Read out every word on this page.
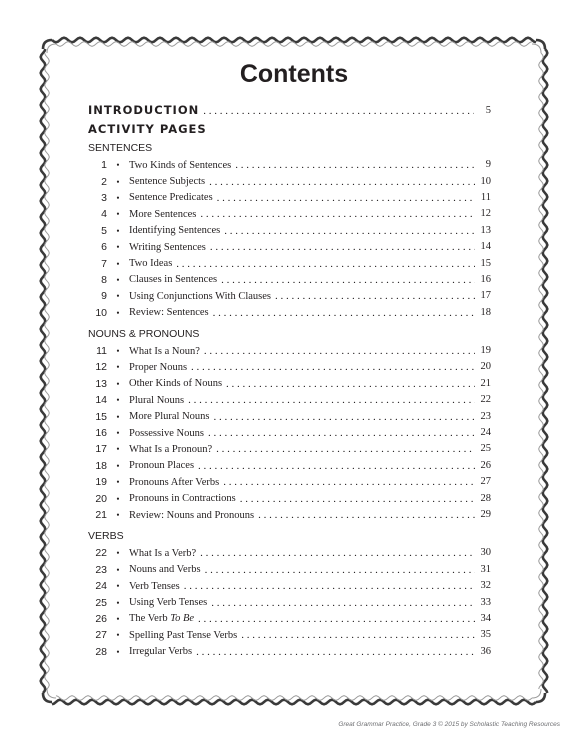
Contents
INTRODUCTION . . .	5
ACTIVITY PAGES
SENTENCES
1	• Two Kinds of Sentences . . .	9
2	• Sentence Subjects . . .	10
3	• Sentence Predicates . . .	11
4	• More Sentences . . .	12
5	• Identifying Sentences . . .	13
6	• Writing Sentences . . .	14
7	• Two Ideas . . .	15
8	• Clauses in Sentences . . .	16
9	• Using Conjunctions With Clauses . . .	17
10	• Review: Sentences . . .	18
NOUNS & PRONOUNS
11	• What Is a Noun? . . .	19
12	• Proper Nouns . . .	20
13	• Other Kinds of Nouns . . .	21
14	• Plural Nouns . . .	22
15	• More Plural Nouns . . .	23
16	• Possessive Nouns . . .	24
17	• What Is a Pronoun? . . .	25
18	• Pronoun Places . . .	26
19	• Pronouns After Verbs . . .	27
20	• Pronouns in Contractions . . .	28
21	• Review: Nouns and Pronouns . . .	29
VERBS
22	• What Is a Verb? . . .	30
23	• Nouns and Verbs . . .	31
24	• Verb Tenses . . .	32
25	• Using Verb Tenses . . .	33
26	• The Verb To Be . . .	34
27	• Spelling Past Tense Verbs . . .	35
28	• Irregular Verbs . . .	36
Great Grammar Practice, Grade 3 © 2015 by Scholastic Teaching Resources
